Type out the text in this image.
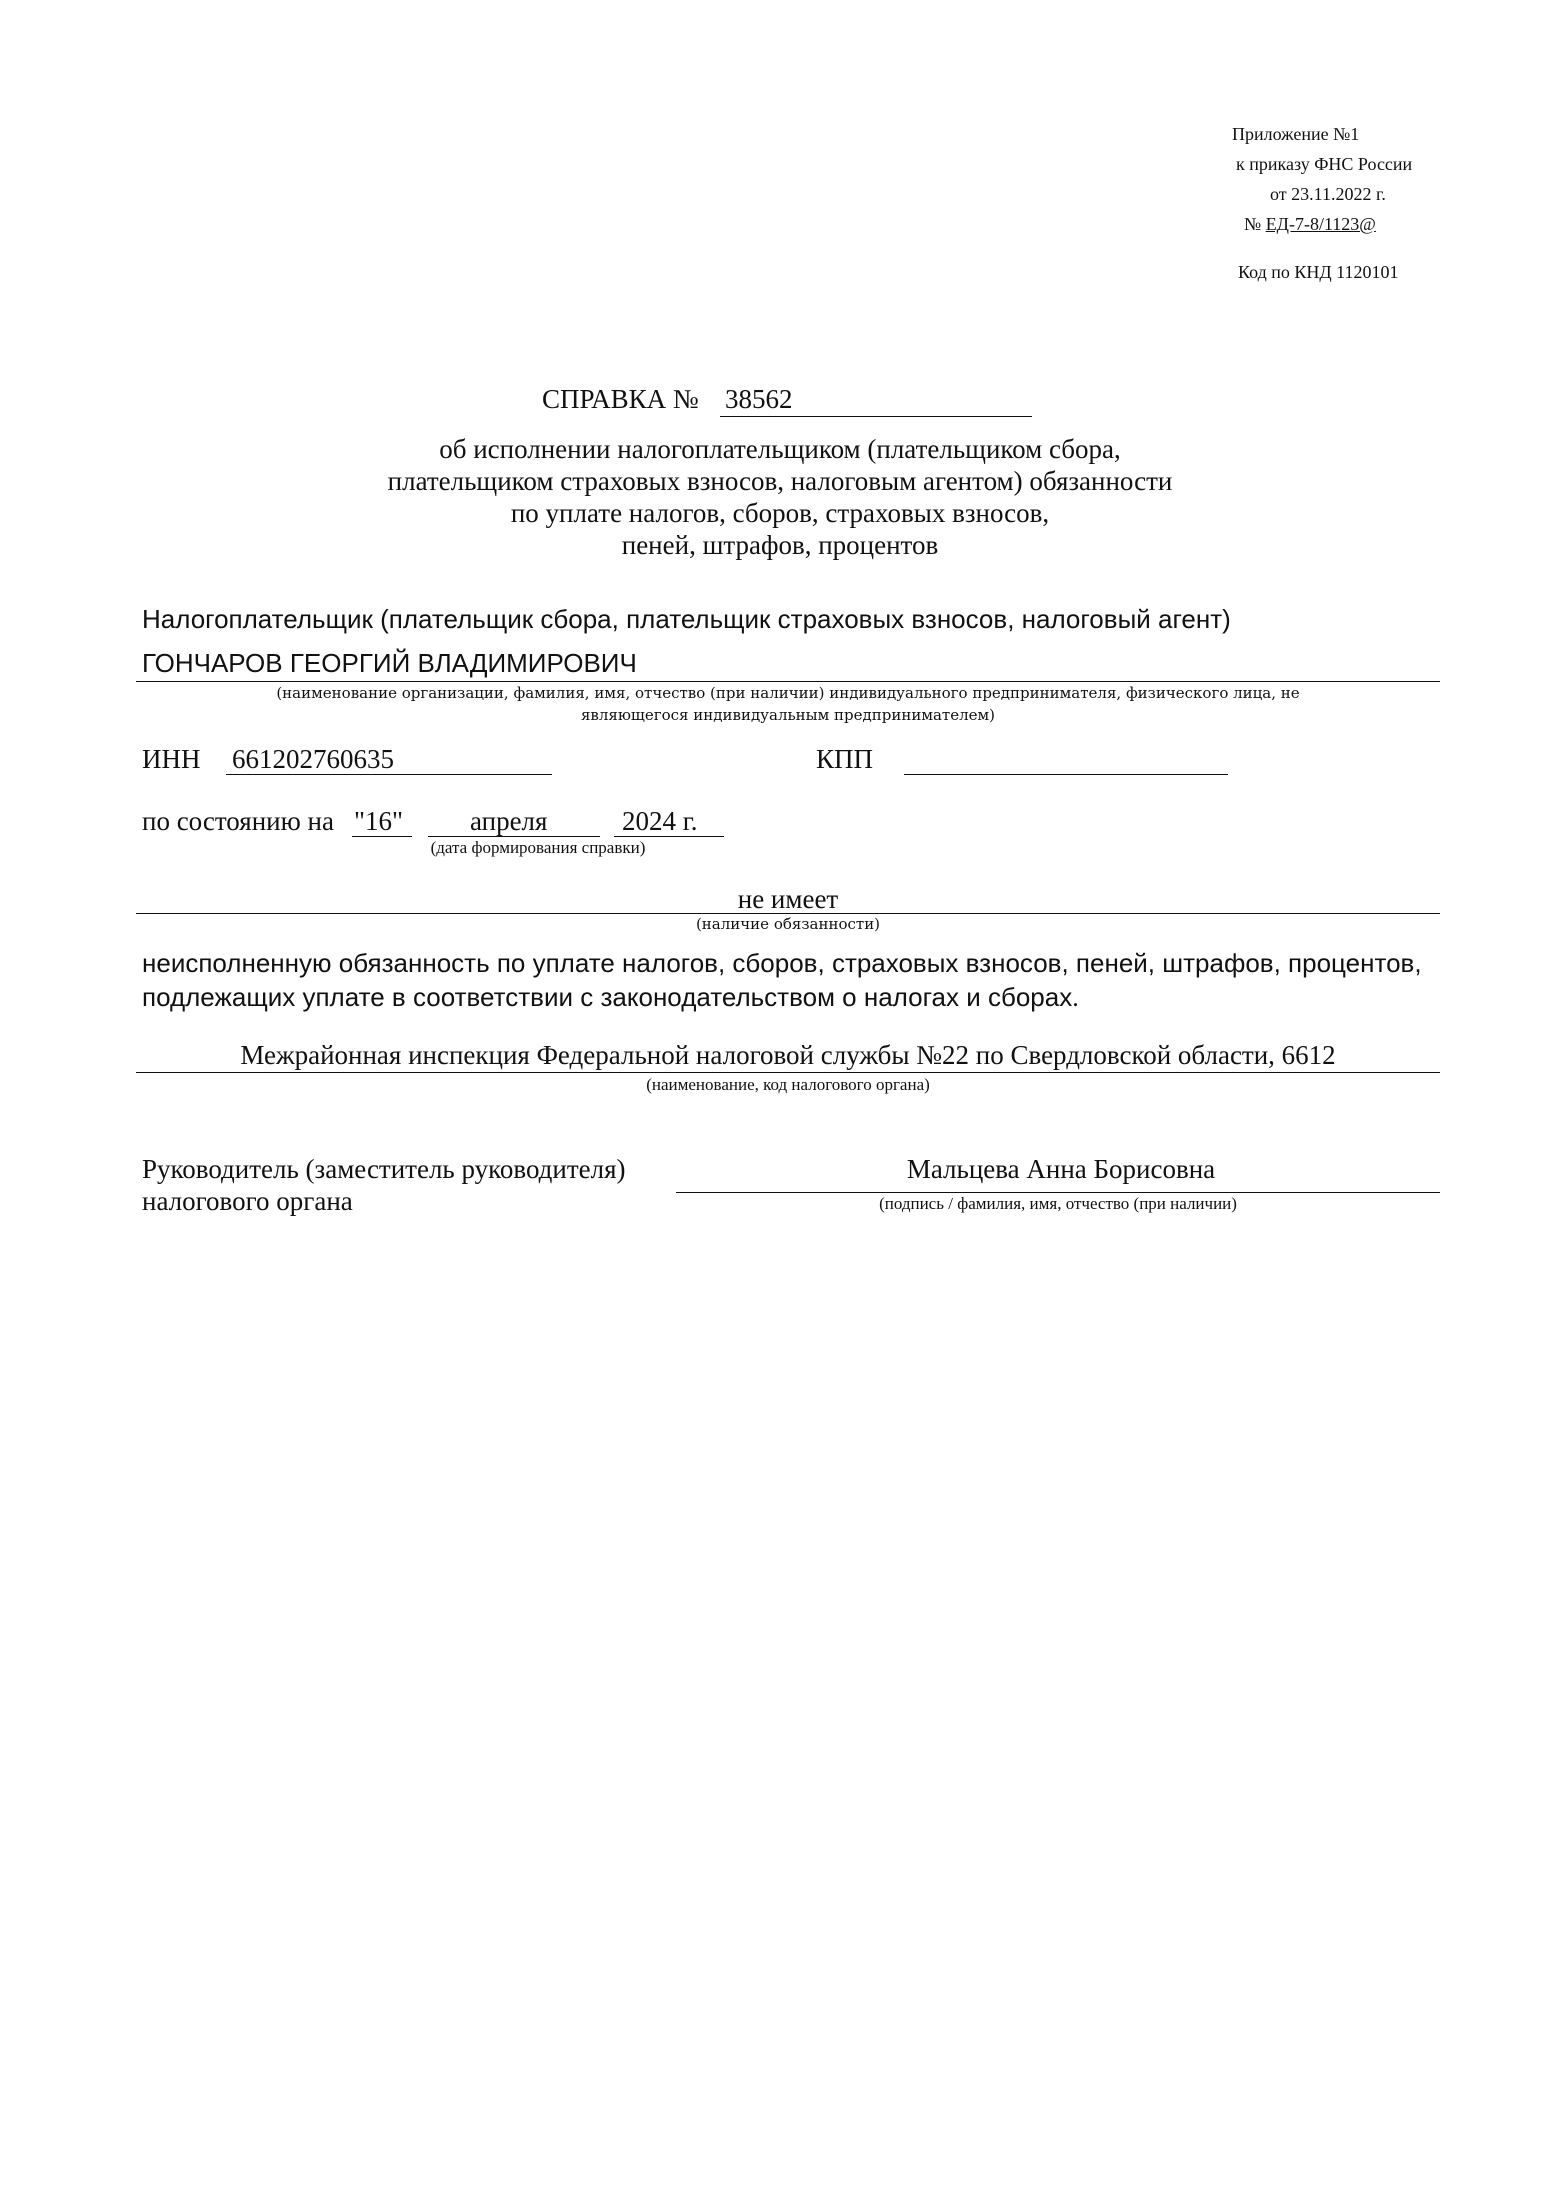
Приложение №1
к приказу ФНС России
от 23.11.2022 г.
№ ЕД-7-8/1123@
Код по КНД 1120101
СПРАВКА № 38562
об исполнении налогоплательщиком (плательщиком сбора,
плательщиком страховых взносов, налоговым агентом) обязанности
по уплате налогов, сборов, страховых взносов,
пеней, штрафов, процентов
Налогоплательщик (плательщик сбора, плательщик страховых взносов, налоговый агент)
ГОНЧАРОВ ГЕОРГИЙ ВЛАДИМИРОВИЧ
(наименование организации, фамилия, имя, отчество (при наличии) индивидуального предпринимателя, физического лица, не
являющегося индивидуальным предпринимателем)
ИНН 661202760635	КПП
по состоянию на "16" апреля	2024 г.
(дата формирования справки)
не имеет
(наличие обязанности)
неисполненную обязанность по уплате налогов, сборов, страховых взносов, пеней, штрафов, процентов,
подлежащих уплате в соответствии с законодательством о налогах и сборах.
Межрайонная инспекция Федеральной налоговой службы №22 по Свердловской области, 6612
(наименование, код налогового органа)
Руководитель (заместитель руководителя)
налогового органа
Мальцева Анна Борисовна
(подпись / фамилия, имя, отчество (при наличии)
